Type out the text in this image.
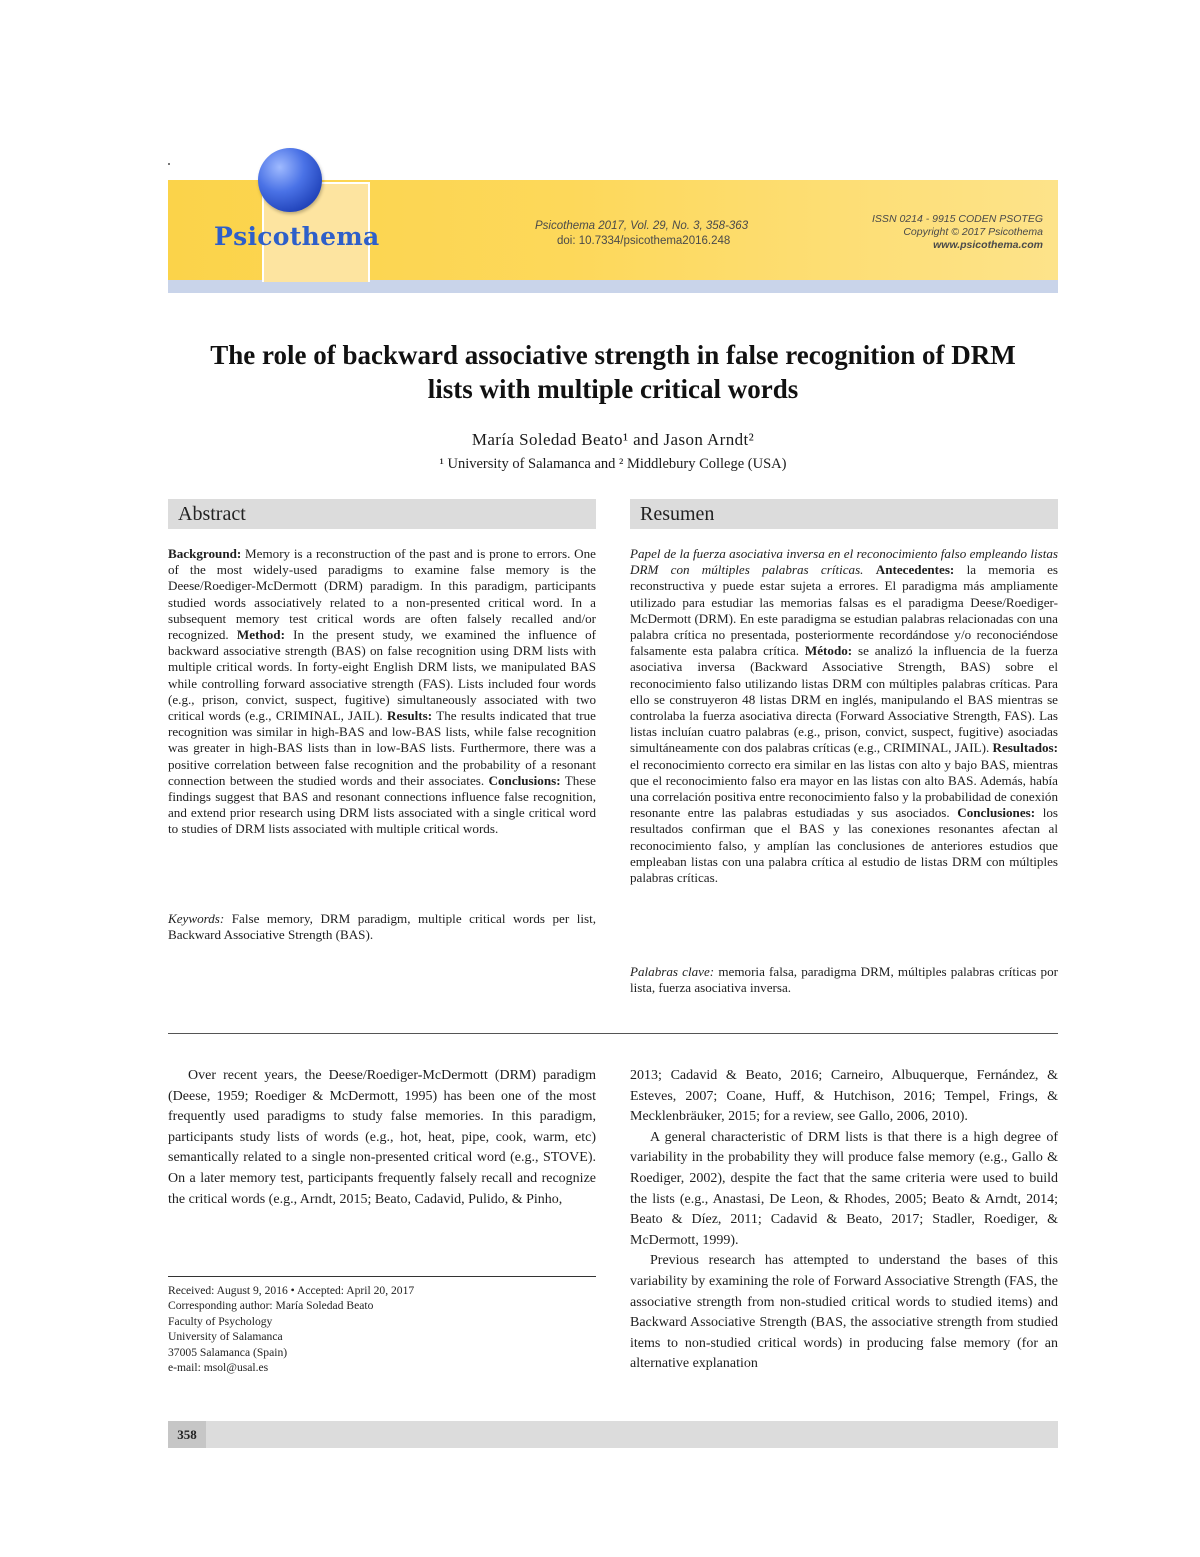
Psicothema	Psicothema 2017, Vol. 29, No. 3, 358-363
doi: 10.7334/psicothema2016.248
ISSN 0214 - 9915 CODEN PSOTEG
Copyright © 2017 Psicothema
www.psicothema.com
The role of backward associative strength in false recognition of DRM
lists with multiple critical words
María Soledad Beato¹ and Jason Arndt²
¹ University of Salamanca and ² Middlebury College (USA)
Abstract	Resumen

Background: Memory is a reconstruction of the past and is prone to errors. One of the most widely-used paradigms to examine false memory is the Deese/Roediger-McDermott (DRM) paradigm. In this paradigm, participants studied words associatively related to a non-presented critical word. In a subsequent memory test critical words are often falsely recalled and/or recognized. Method: In the present study, we examined the influence of backward associative strength (BAS) on false recognition using DRM lists with multiple critical words. In forty-eight English DRM lists, we manipulated BAS while controlling forward associative strength (FAS). Lists included four words (e.g., prison, convict, suspect, fugitive) simultaneously associated with two critical words (e.g., CRIMINAL, JAIL). Results: The results indicated that true recognition was similar in high-BAS and low-BAS lists, while false recognition was greater in high-BAS lists than in low-BAS lists. Furthermore, there was a positive correlation between false recognition and the probability of a resonant connection between the studied words and their associates. Conclusions: These findings suggest that BAS and resonant connections influence false recognition, and extend prior research using DRM lists associated with a single critical word to studies of DRM lists associated with multiple critical words.

Keywords: False memory, DRM paradigm, multiple critical words per list, Backward Associative Strength (BAS).

Papel de la fuerza asociativa inversa en el reconocimiento falso empleando listas DRM con múltiples palabras críticas. Antecedentes: la memoria es reconstructiva y puede estar sujeta a errores. El paradigma más ampliamente utilizado para estudiar las memorias falsas es el paradigma Deese/Roediger-McDermott (DRM). En este paradigma se estudian palabras relacionadas con una palabra crítica no presentada, posteriormente recordándose y/o reconociéndose falsamente esta palabra crítica. Método: se analizó la influencia de la fuerza asociativa inversa (Backward Associative Strength, BAS) sobre el reconocimiento falso utilizando listas DRM con múltiples palabras críticas. Para ello se construyeron 48 listas DRM en inglés, manipulando el BAS mientras se controlaba la fuerza asociativa directa (Forward Associative Strength, FAS). Las listas incluían cuatro palabras (e.g., prison, convict, suspect, fugitive) asociadas simultáneamente con dos palabras críticas (e.g., CRIMINAL, JAIL). Resultados: el reconocimiento correcto era similar en las listas con alto y bajo BAS, mientras que el reconocimiento falso era mayor en las listas con alto BAS. Además, había una correlación positiva entre reconocimiento falso y la probabilidad de conexión resonante entre las palabras estudiadas y sus asociados. Conclusiones: los resultados confirman que el BAS y las conexiones resonantes afectan al reconocimiento falso, y amplían las conclusiones de anteriores estudios que empleaban listas con una palabra crítica al estudio de listas DRM con múltiples palabras críticas.

Palabras clave: memoria falsa, paradigma DRM, múltiples palabras críticas por lista, fuerza asociativa inversa.

Over recent years, the Deese/Roediger-McDermott (DRM) paradigm (Deese, 1959; Roediger & McDermott, 1995) has been one of the most frequently used paradigms to study false memories. In this paradigm, participants study lists of words (e.g., hot, heat, pipe, cook, warm, etc) semantically related to a single non-presented critical word (e.g., STOVE). On a later memory test, participants frequently falsely recall and recognize the critical words (e.g., Arndt, 2015; Beato, Cadavid, Pulido, & Pinho,

2013; Cadavid & Beato, 2016; Carneiro, Albuquerque, Fernández, & Esteves, 2007; Coane, Huff, & Hutchison, 2016; Tempel, Frings, & Mecklenbräuker, 2015; for a review, see Gallo, 2006, 2010).

A general characteristic of DRM lists is that there is a high degree of variability in the probability they will produce false memory (e.g., Gallo & Roediger, 2002), despite the fact that the same criteria were used to build the lists (e.g., Anastasi, De Leon, & Rhodes, 2005; Beato & Arndt, 2014; Beato & Díez, 2011; Cadavid & Beato, 2017; Stadler, Roediger, & McDermott, 1999).

Previous research has attempted to understand the bases of this variability by examining the role of Forward Associative Strength (FAS, the associative strength from non-studied critical words to studied items) and Backward Associative Strength (BAS, the associative strength from studied items to non-studied critical words) in producing false memory (for an alternative explanation

Received: August 9, 2016 • Accepted: April 20, 2017
Corresponding author: María Soledad Beato
Faculty of Psychology
University of Salamanca
37005 Salamanca (Spain)
e-mail: msol@usal.es
358
